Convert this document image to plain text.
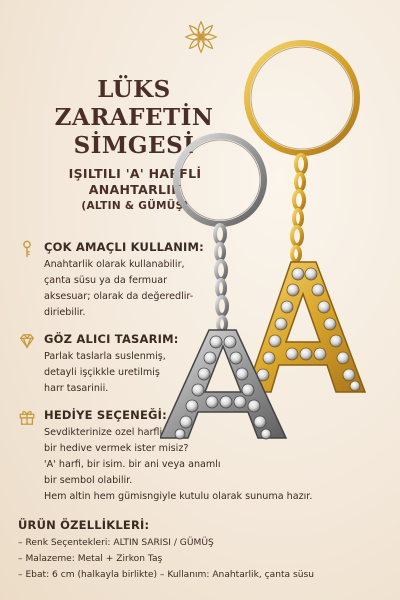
LÜKS
ZARAFETİN
SİMGESİ
IŞILTILI 'A' HARFLİ
ANAHTARLIK
(ALTIN & GÜMÜŞ)
ÇOK AMAÇLI KULLANIM:
Anahtarlik olarak kullanabilir,
çanta süsu ya da fermuar
aksesuar; olarak da değeredlir-
diriebilir.
GÖZ ALICI TASARIM:
Parlak taslarla suslenmiş,
detayli işçikkle uretilmiş
harr tasarinii.
HEDİYE SEÇENEĞİ:
Sevdikterinize ozel harfli
bir hedive vermek ister misiz?
'A' harfi, bir isim. bir ani veya anamlı
bir sembol olabilir.
Hem altin hem gümisngiyle kutulu olarak sunuma hazır.
ÜRÜN ÖZELLİKLERİ:
– Renk Seçentekleri: ALTIN SARISI / GÜMÜŞ
– Malazeme: Metal + Zirkon Taş
– Ebat: 6 cm (halkayla birlikte) – Kullanım: Anahtarlik, çanta süsu
